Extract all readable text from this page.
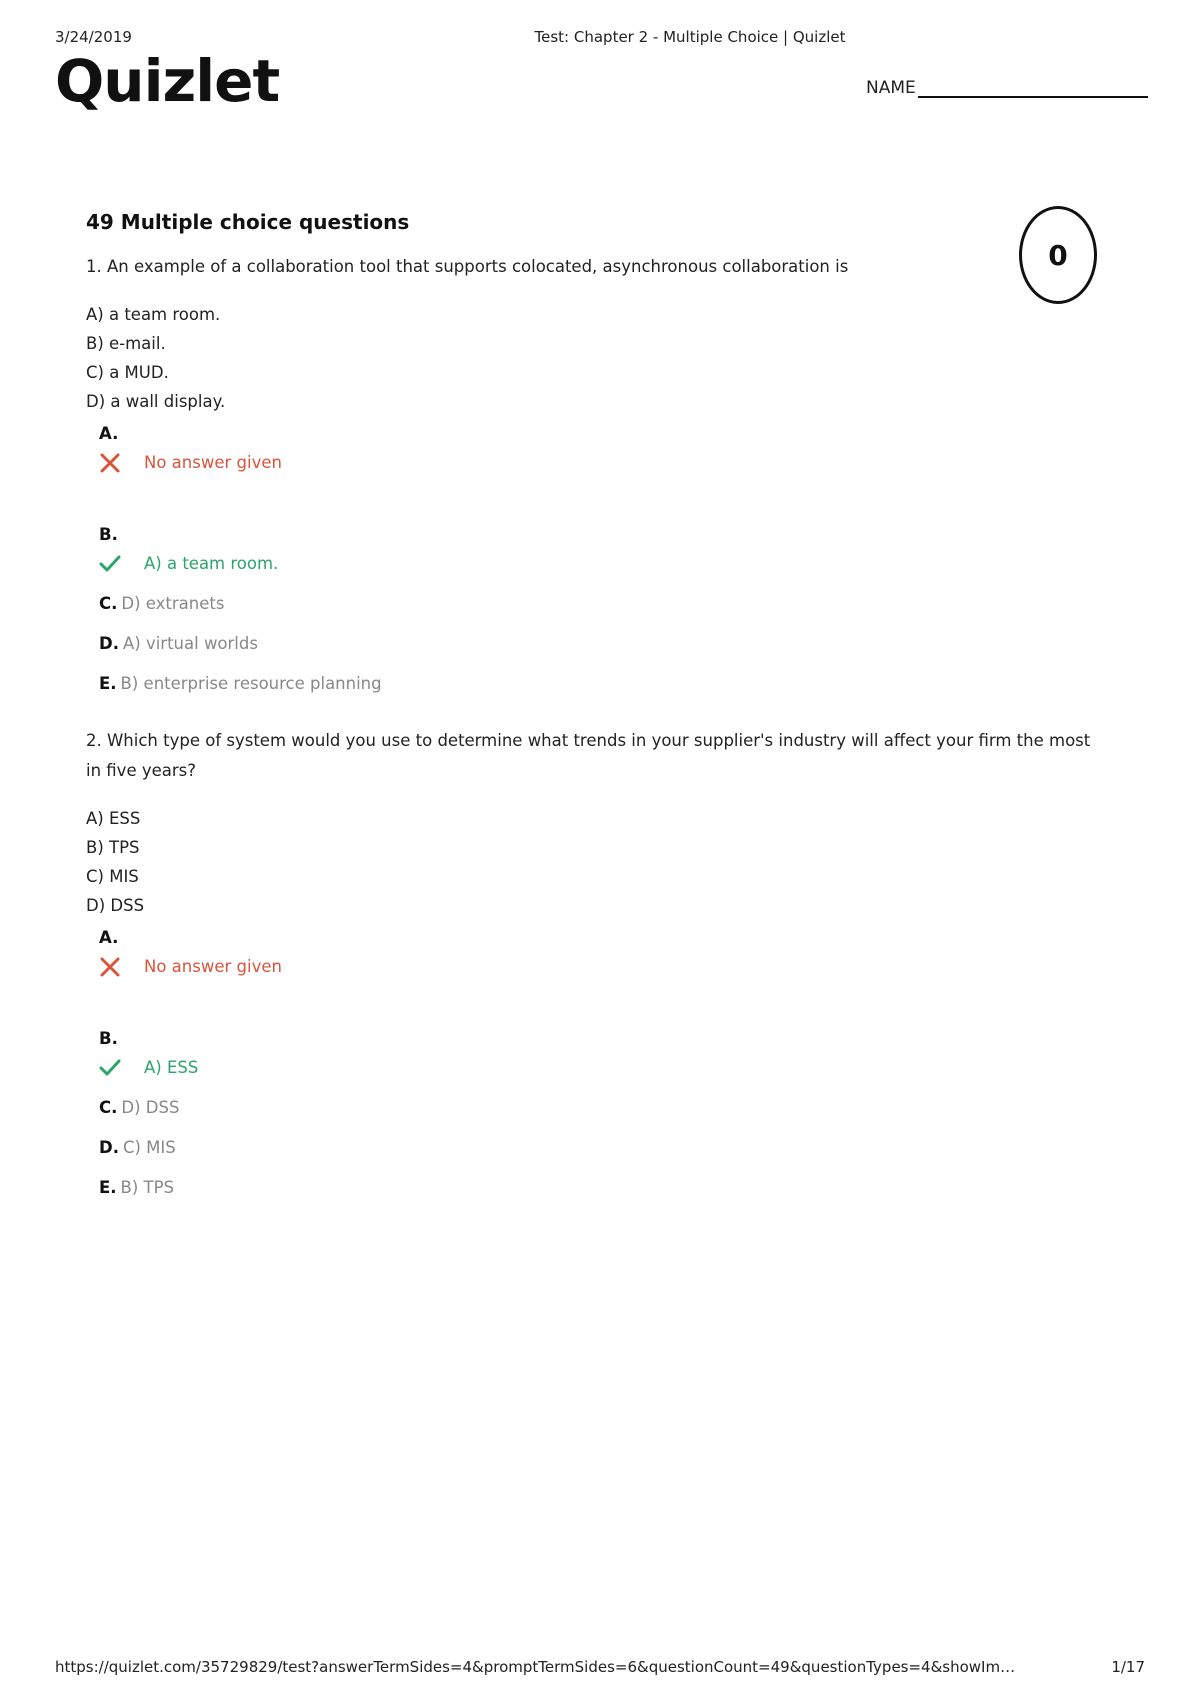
3/24/2019	Test: Chapter 2 - Multiple Choice | Quizlet
Quizlet	NAME
0
49 Multiple choice questions

1. An example of a collaboration tool that supports colocated, asynchronous collaboration is

A) a team room.
B) e-mail.
C) a MUD.
D) a wall display.
A.
No answer given
B.
A) a team room.
C. D) extranets
D. A) virtual worlds
E. B) enterprise resource planning

2. Which type of system would you use to determine what trends in your supplier's industry will affect your firm the most in five years?

A) ESS
B) TPS
C) MIS
D) DSS
A.
No answer given
B.
A) ESS
C. D) DSS
D. C) MIS
E. B) TPS
https://quizlet.com/35729829/test?answerTermSides=4&promptTermSides=6&questionCount=49&questionTypes=4&showIm…	1/17
